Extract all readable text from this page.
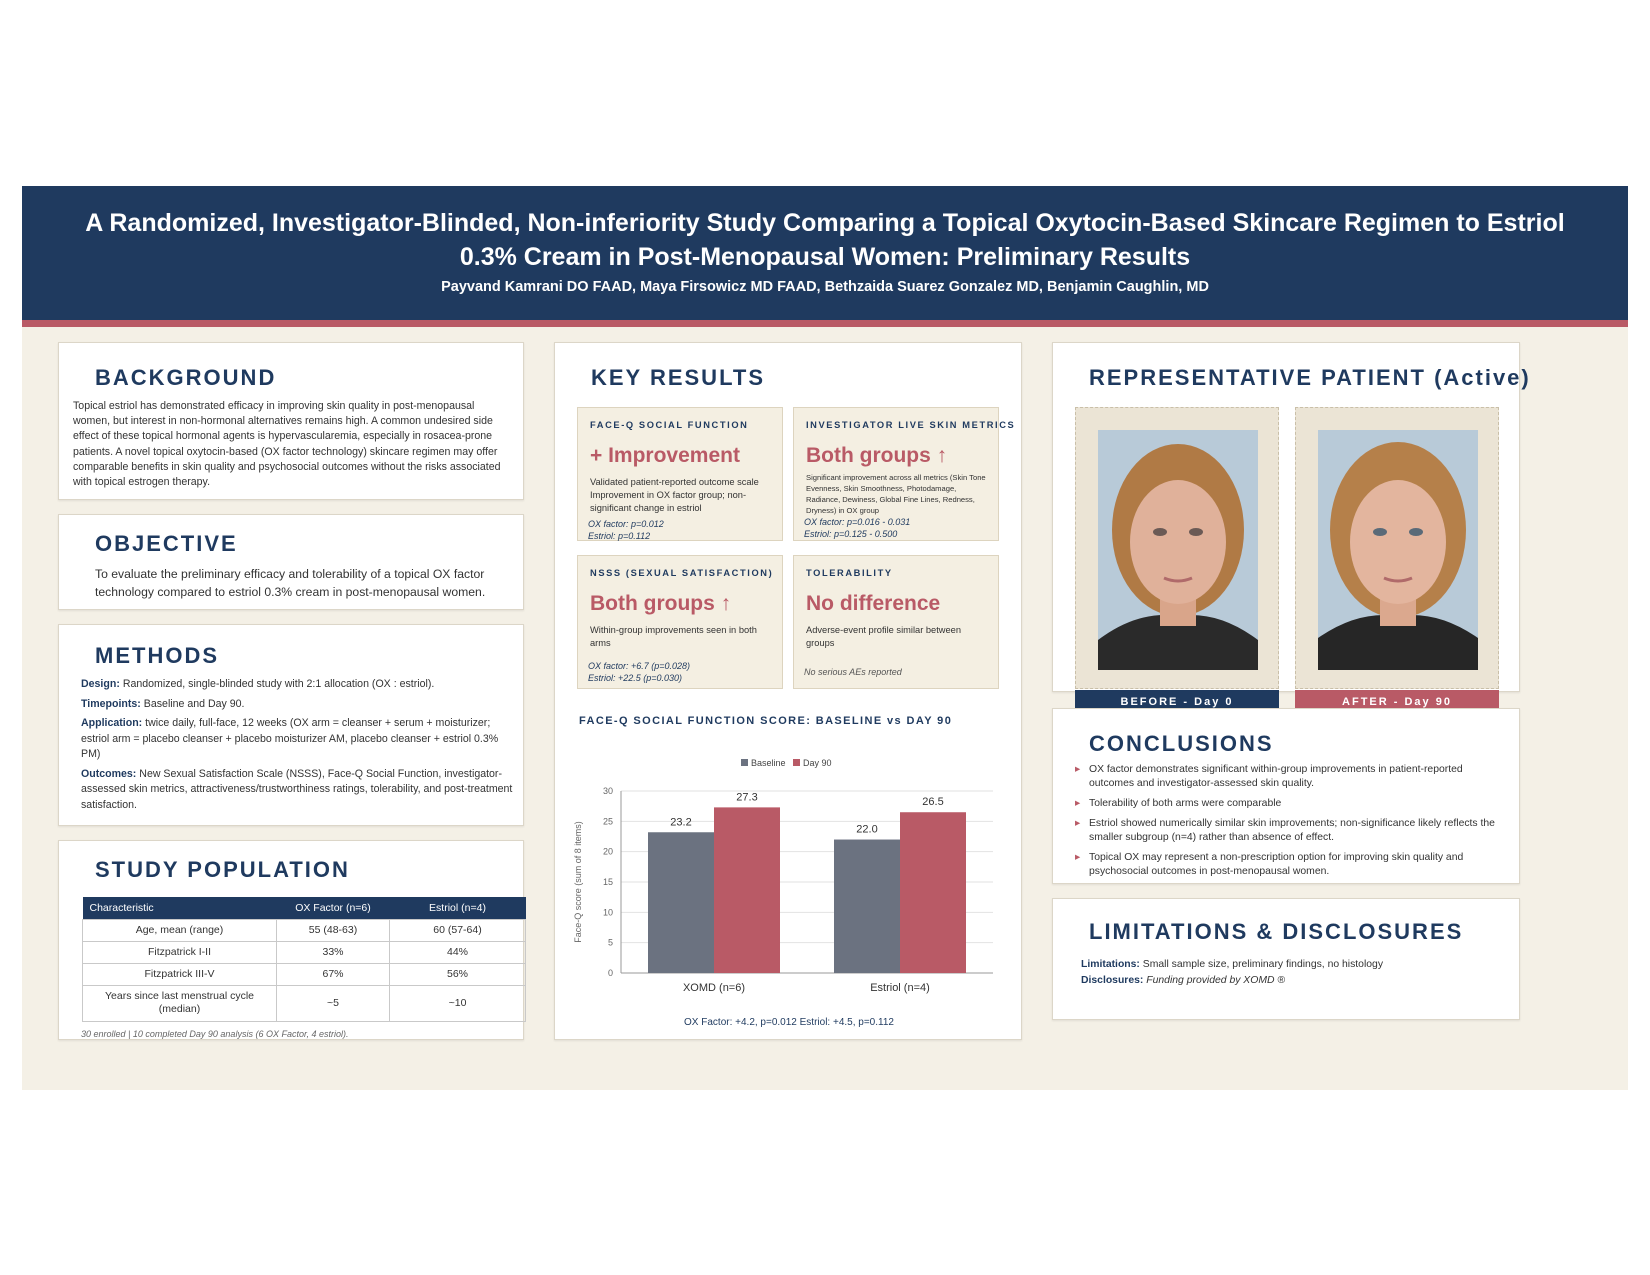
A Randomized, Investigator-Blinded, Non-inferiority Study Comparing a Topical Oxytocin-Based Skincare Regimen to Estriol
0.3% Cream in Post-Menopausal Women: Preliminary Results
Payvand Kamrani DO FAAD, Maya Firsowicz MD FAAD, Bethzaida Suarez Gonzalez MD, Benjamin Caughlin, MD
BACKGROUND
Topical estriol has demonstrated efficacy in improving skin quality in post-menopausal women, but interest in non-hormonal alternatives remains high. A common undesired side effect of these topical hormonal agents is hypervascularemia, especially in rosacea-prone patients. A novel topical oxytocin-based (OX factor technology) skincare regimen may offer comparable benefits in skin quality and psychosocial outcomes without the risks associated with topical estrogen therapy.
OBJECTIVE
To evaluate the preliminary efficacy and tolerability of a topical OX factor technology compared to estriol 0.3% cream in post-menopausal women.
METHODS

Design: Randomized, single-blinded study with 2:1 allocation (OX : estriol).

Timepoints: Baseline and Day 90.

Application: twice daily, full-face, 12 weeks (OX arm = cleanser + serum + moisturizer; estriol arm = placebo cleanser + placebo moisturizer AM, placebo cleanser + estriol 0.3% PM)

Outcomes: New Sexual Satisfaction Scale (NSSS), Face-Q Social Function, investigator-assessed skin metrics, attractiveness/trustworthiness ratings, tolerability, and post-treatment satisfaction.

STUDY POPULATION
Characteristic	OX Factor (n=6)	Estriol (n=4)
Age, mean (range)	55 (48-63)	60 (57-64)
Fitzpatrick I-II	33%	44%
Fitzpatrick III-V	67%	56%
Years since last menstrual cycle (median)	~5	~10
30 enrolled | 10 completed Day 90 analysis (6 OX Factor, 4 estriol).
KEY RESULTS
FACE-Q SOCIAL FUNCTION
+ Improvement
Validated patient-reported outcome scale Improvement in OX factor group; non-significant change in estriol
OX factor: p=0.012
Estriol: p=0.112
INVESTIGATOR LIVE SKIN METRICS
Both groups ↑
Significant improvement across all metrics (Skin Tone Evenness, Skin Smoothness, Photodamage, Radiance, Dewiness, Global Fine Lines, Redness, Dryness) in OX group
OX factor: p=0.016 - 0.031
Estriol: p=0.125 - 0.500
NSSS (SEXUAL SATISFACTION)
Both groups ↑
Within-group improvements seen in both arms
OX factor: +6.7 (p=0.028)
Estriol: +22.5 (p=0.030)
TOLERABILITY
No difference
Adverse-event profile similar between groups
No serious AEs reported
FACE-Q SOCIAL FUNCTION SCORE: BASELINE vs DAY 90
Baseline Day 90
0
5
10
15
20
25
30
Face-Q score (sum of 8 items)	23.2
27.3
XOMD (n=6)
22.0
26.5
Estriol (n=4)
OX Factor: +4.2, p=0.012 Estriol: +4.5, p=0.112
REPRESENTATIVE PATIENT (Active)
BEFORE - Day 0	AFTER - Day 90
CONCLUSIONS
▸ OX factor demonstrates significant within-group improvements in patient-reported outcomes and investigator-assessed skin quality.
▸ Tolerability of both arms were comparable
▸ Estriol showed numerically similar skin improvements; non-significance likely reflects the smaller subgroup (n=4) rather than absence of effect.
▸ Topical OX may represent a non-prescription option for improving skin quality and psychosocial outcomes in post-menopausal women.
LIMITATIONS & DISCLOSURES
Limitations: Small sample size, preliminary findings, no histology
Disclosures: Funding provided by XOMD ®
